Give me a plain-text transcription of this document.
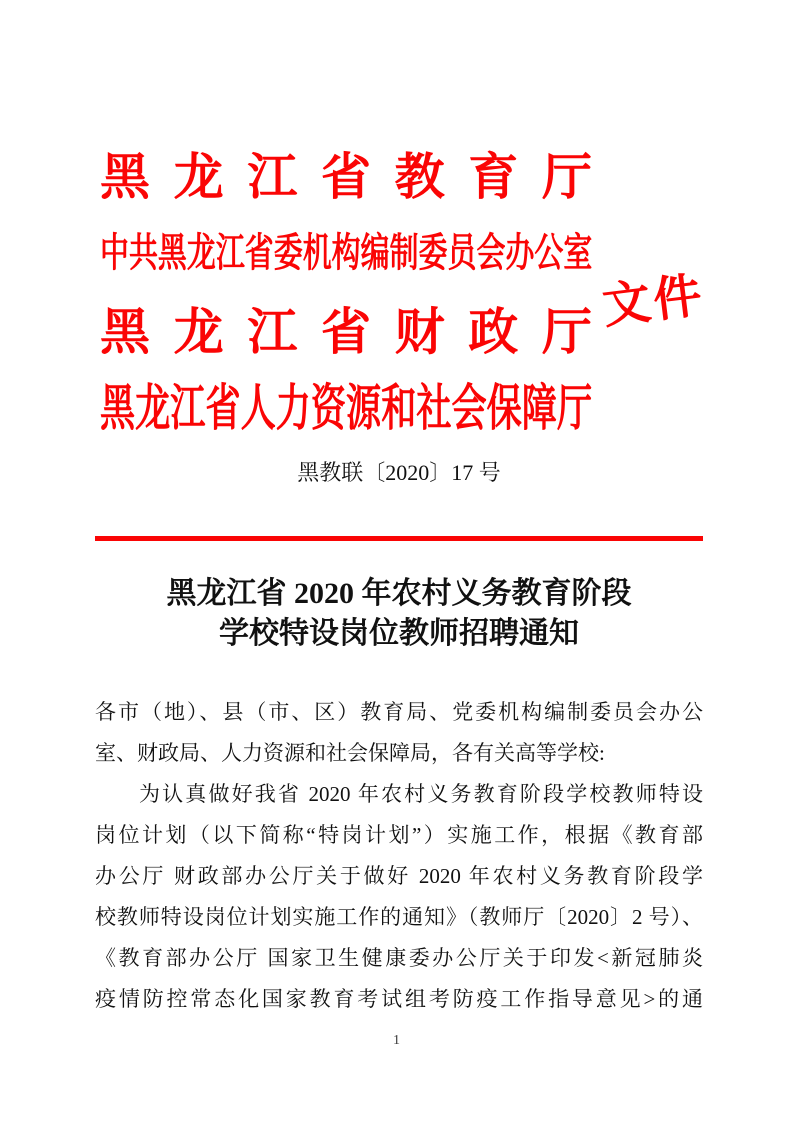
黑 龙 江 省 教 育 厅
中共黑龙江省委机构编制委员会办公室
黑 龙 江 省 财 政 厅
黑龙江省人力资源和社会保障厅
文件
黑教联〔2020〕17 号
黑龙江省 2020 年农村义务教育阶段
学校特设岗位教师招聘通知
各市（地）、县（市、区）教育局、党委机构编制委员会办公
室、财政局、人力资源和社会保障局，各有关高等学校:
为认真做好我省 2020 年农村义务教育阶段学校教师特设
岗位计划（以下简称“特岗计划”）实施工作，根据《教育部
办公厅 财政部办公厅关于做好 2020 年农村义务教育阶段学
校教师特设岗位计划实施工作的通知》（教师厅〔2020〕2 号）、
《教育部办公厅 国家卫生健康委办公厅关于印发<新冠肺炎
疫情防控常态化国家教育考试组考防疫工作指导意见>的通
1
